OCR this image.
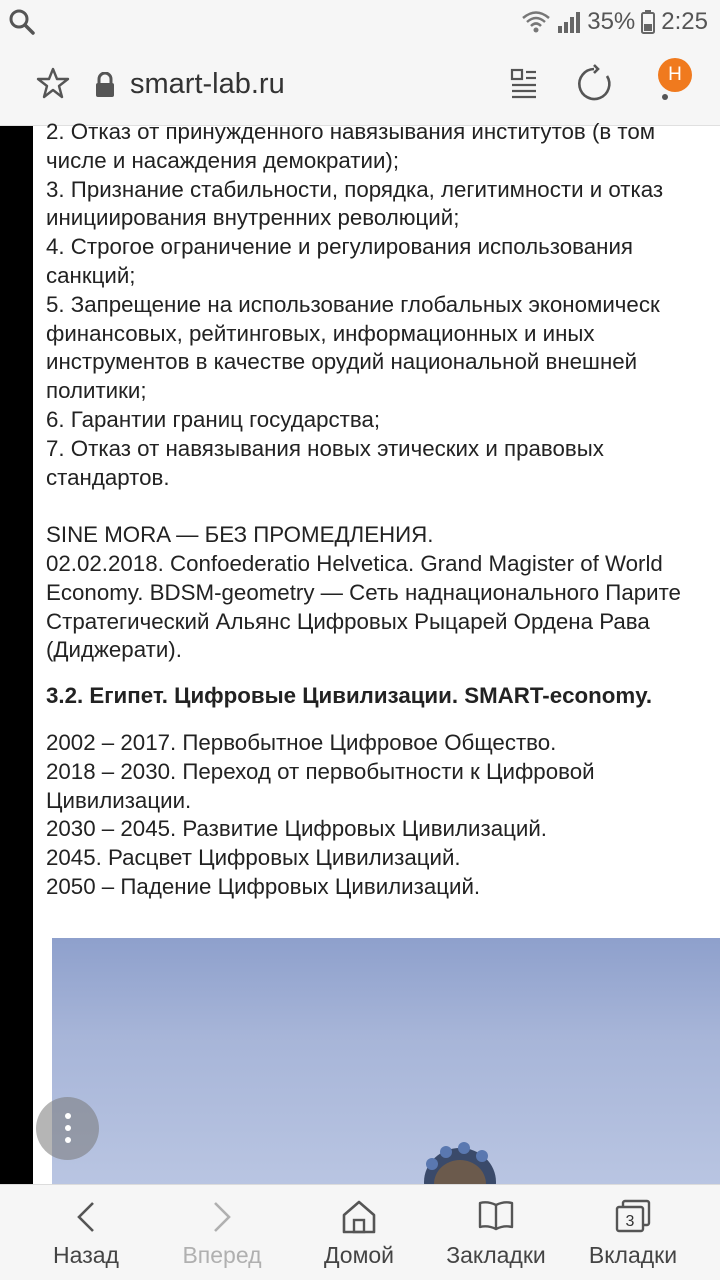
35% 2:25
smart-lab.ru	Н
2. Отказ от принужденного навязывания институтов (в том
числе и насаждения демократии);
3. Признание стабильности, порядка, легитимности и отказ
инициирования внутренних революций;
4. Строгое ограничение и регулирования использования
санкций;
5. Запрещение на использование глобальных экономическ
финансовых, рейтинговых, информационных и иных
инструментов в качестве орудий национальной внешней
политики;
6. Гарантии границ государства;
7. Отказ от навязывания новых этических и правовых
стандартов.
SINE MORA — БЕЗ ПРОМЕДЛЕНИЯ.
02.02.2018. Confoederatio Helvetica. Grand Magister of World
Economy. BDSM-geometry — Сеть наднационального Парите
Стратегический Альянс Цифровых Рыцарей Ордена Рава
(Диджерати).
3.2. Египет. Цифровые Цивилизации. SMART-economy.
2002 – 2017. Первобытное Цифровое Общество.
2018 – 2030. Переход от первобытности к Цифровой
Цивилизации.
2030 – 2045. Развитие Цифровых Цивилизаций.
2045. Расцвет Цифровых Цивилизаций.
2050 – Падение Цифровых Цивилизаций.
Назад	Вперед	Домой	Закладки
3
Вкладки
